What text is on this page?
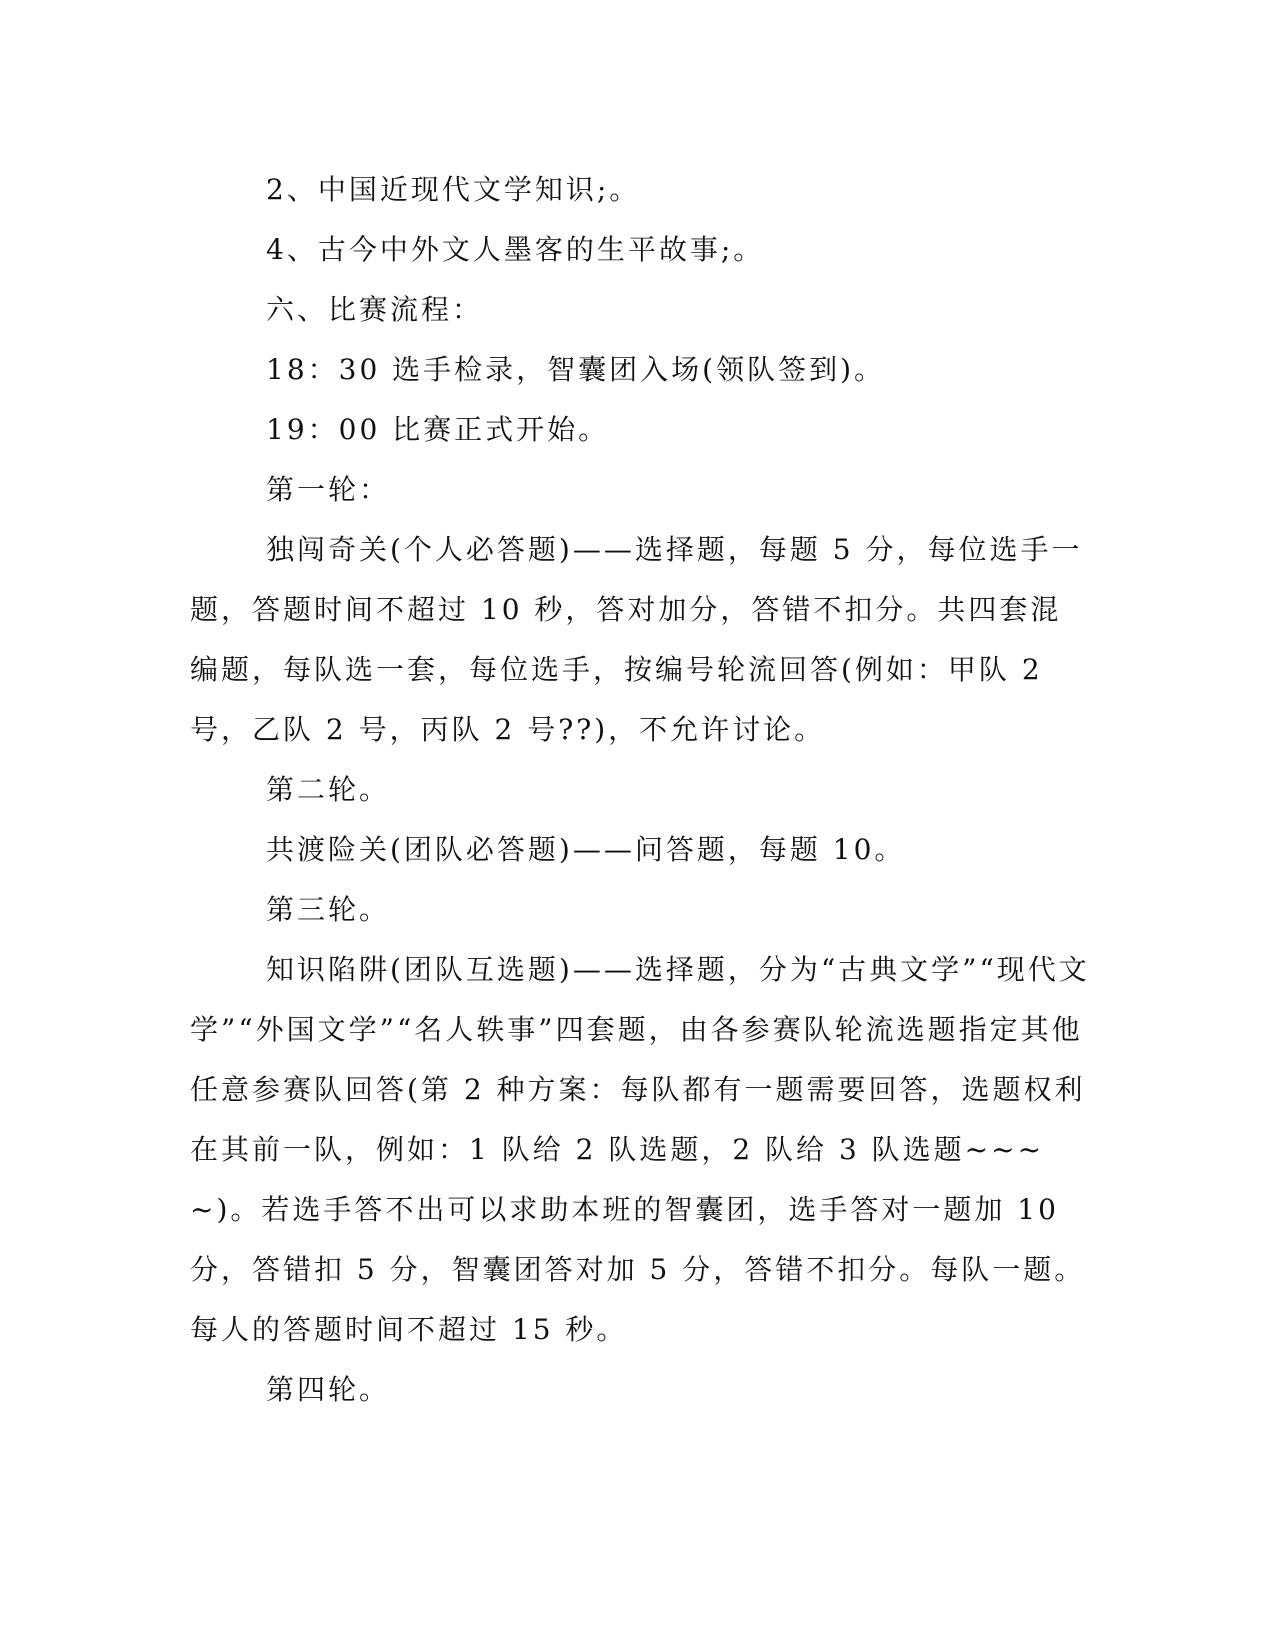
2、中国近现代文学知识;。

4、古今中外文人墨客的生平故事;。

六、比赛流程：

18：30 选手检录，智囊团入场(领队签到)。

19：00 比赛正式开始。

第一轮：

独闯奇关(个人必答题)——选择题，每题 5 分，每位选手一题，答题时间不超过 10 秒，答对加分，答错不扣分。共四套混编题，每队选一套，每位选手，按编号轮流回答(例如：甲队 2 号，乙队 2 号，丙队 2 号??)，不允许讨论。

第二轮。

共渡险关(团队必答题)——问答题，每题 10。

第三轮。

知识陷阱(团队互选题)——选择题，分为“古典文学”“现代文学”“外国文学”“名人轶事”四套题，由各参赛队轮流选题指定其他任意参赛队回答(第 2 种方案：每队都有一题需要回答，选题权利在其前一队，例如：1 队给 2 队选题，2 队给 3 队选题~~~~)。若选手答不出可以求助本班的智囊团，选手答对一题加 10 分，答错扣 5 分，智囊团答对加 5 分，答错不扣分。每队一题。每人的答题时间不超过 15 秒。

第四轮。
